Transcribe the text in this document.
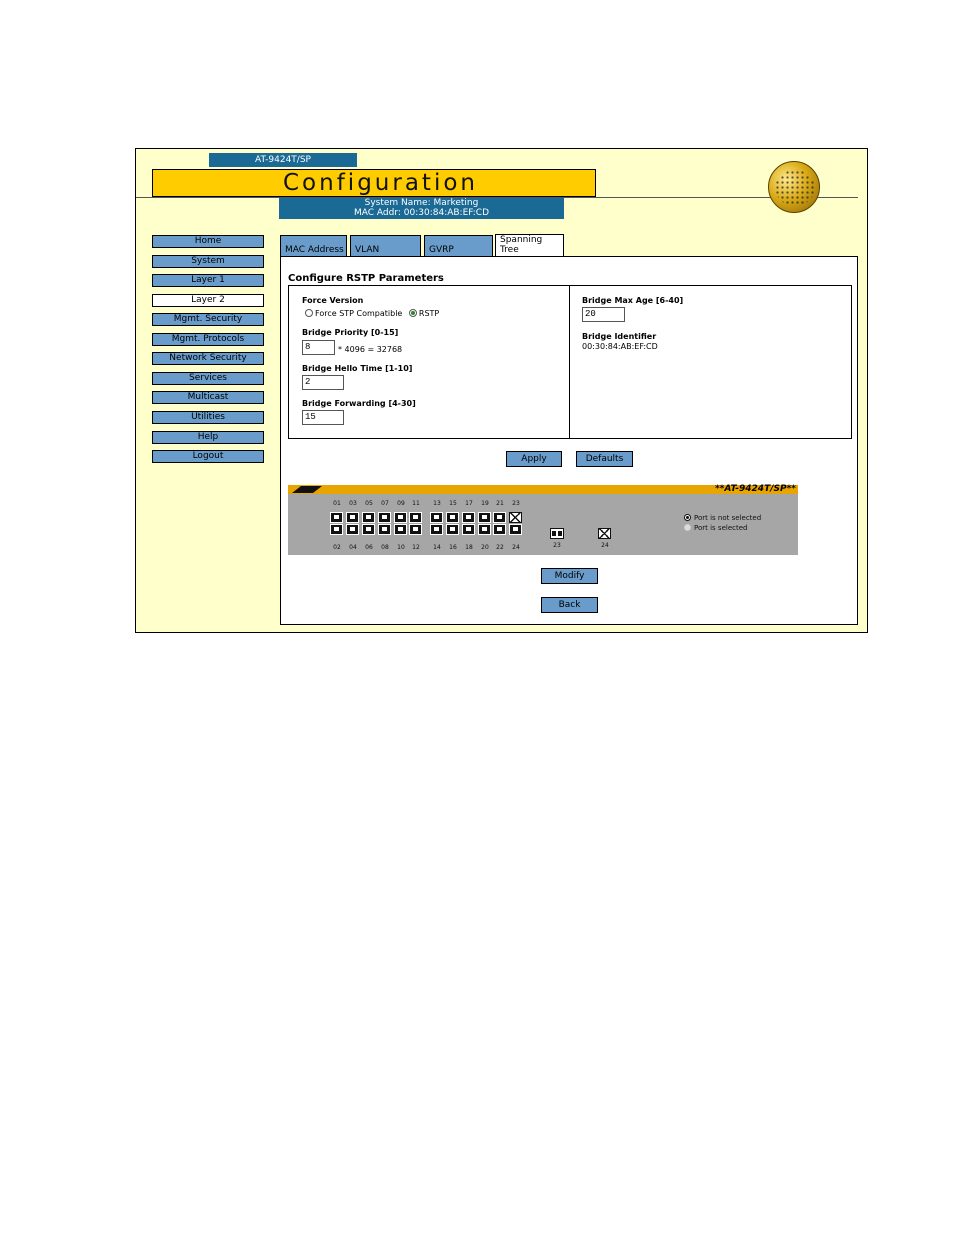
AT-9424T/SP
Configuration
System Name: Marketing
MAC Addr: 00:30:84:AB:EF:CD
Home
System
Layer 1
Layer 2
Mgmt. Security
Mgmt. Protocols
Network Security
Services
Multicast
Utilities
Help
Logout
MAC Address	VLAN	GVRP
Spanning
Tree
Configure RSTP Parameters
Force Version
Force STP Compatible RSTP
Bridge Priority [0-15]
8	* 4096 = 32768
Bridge Hello Time [1-10]
2
Bridge Forwarding [4-30]
15
Bridge Max Age [6-40]
20
Bridge Identifier
00:30:84:AB:EF:CD
Apply	Defaults
**AT-9424T/SP**
01	03	05	07	09	11	13	15	17	19	21	23
02	04	06	08	10	12	14	16	18	20	22	24	23	24
Port is not selected
Port is selected
Modify
Back
